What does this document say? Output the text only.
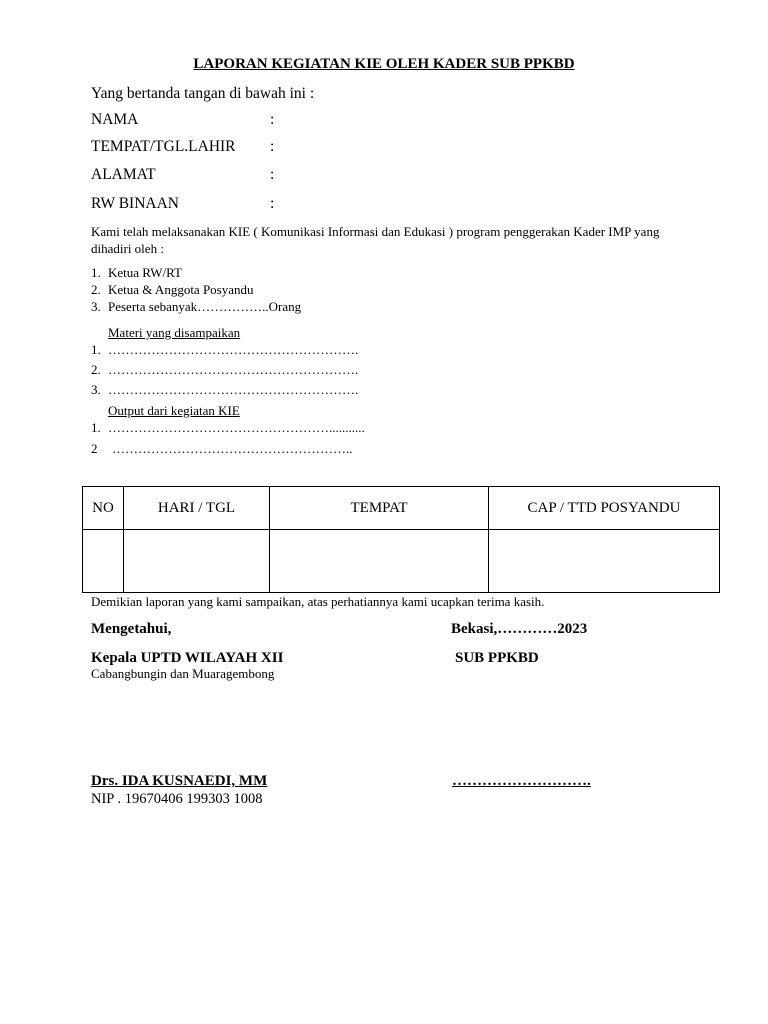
LAPORAN KEGIATAN KIE OLEH KADER SUB PPKBD
Yang bertanda tangan di bawah ini :
NAMA	:
TEMPAT/TGL.LAHIR :
ALAMAT	:
RW BINAAN	:
Kami telah melaksanakan KIE ( Komunikasi Informasi dan Edukasi ) program penggerakan Kader IMP yang dihadiri oleh :
1. Ketua RW/RT
2. Ketua & Anggota Posyandu
3. Peserta sebanyak……………..Orang
Materi yang disampaikan
1. ………………………………………………….
2. ………………………………………………….
3. ………………………………………………….
Output dari kegiatan KIE
1. ……………………………………………...........
2 ………………………………………………..
NO	HARI / TGL	TEMPAT	CAP / TTD POSYANDU

Demikian laporan yang kami sampaikan, atas perhatiannya kami ucapkan terima kasih.
Mengetahui,	Bekasi,…………2023
Kepala UPTD WILAYAH XII	SUB PPKBD
Cabangbungin dan Muaragembong
Drs. IDA KUSNAEDI, MM	……………………….
NIP . 19670406 199303 1008
